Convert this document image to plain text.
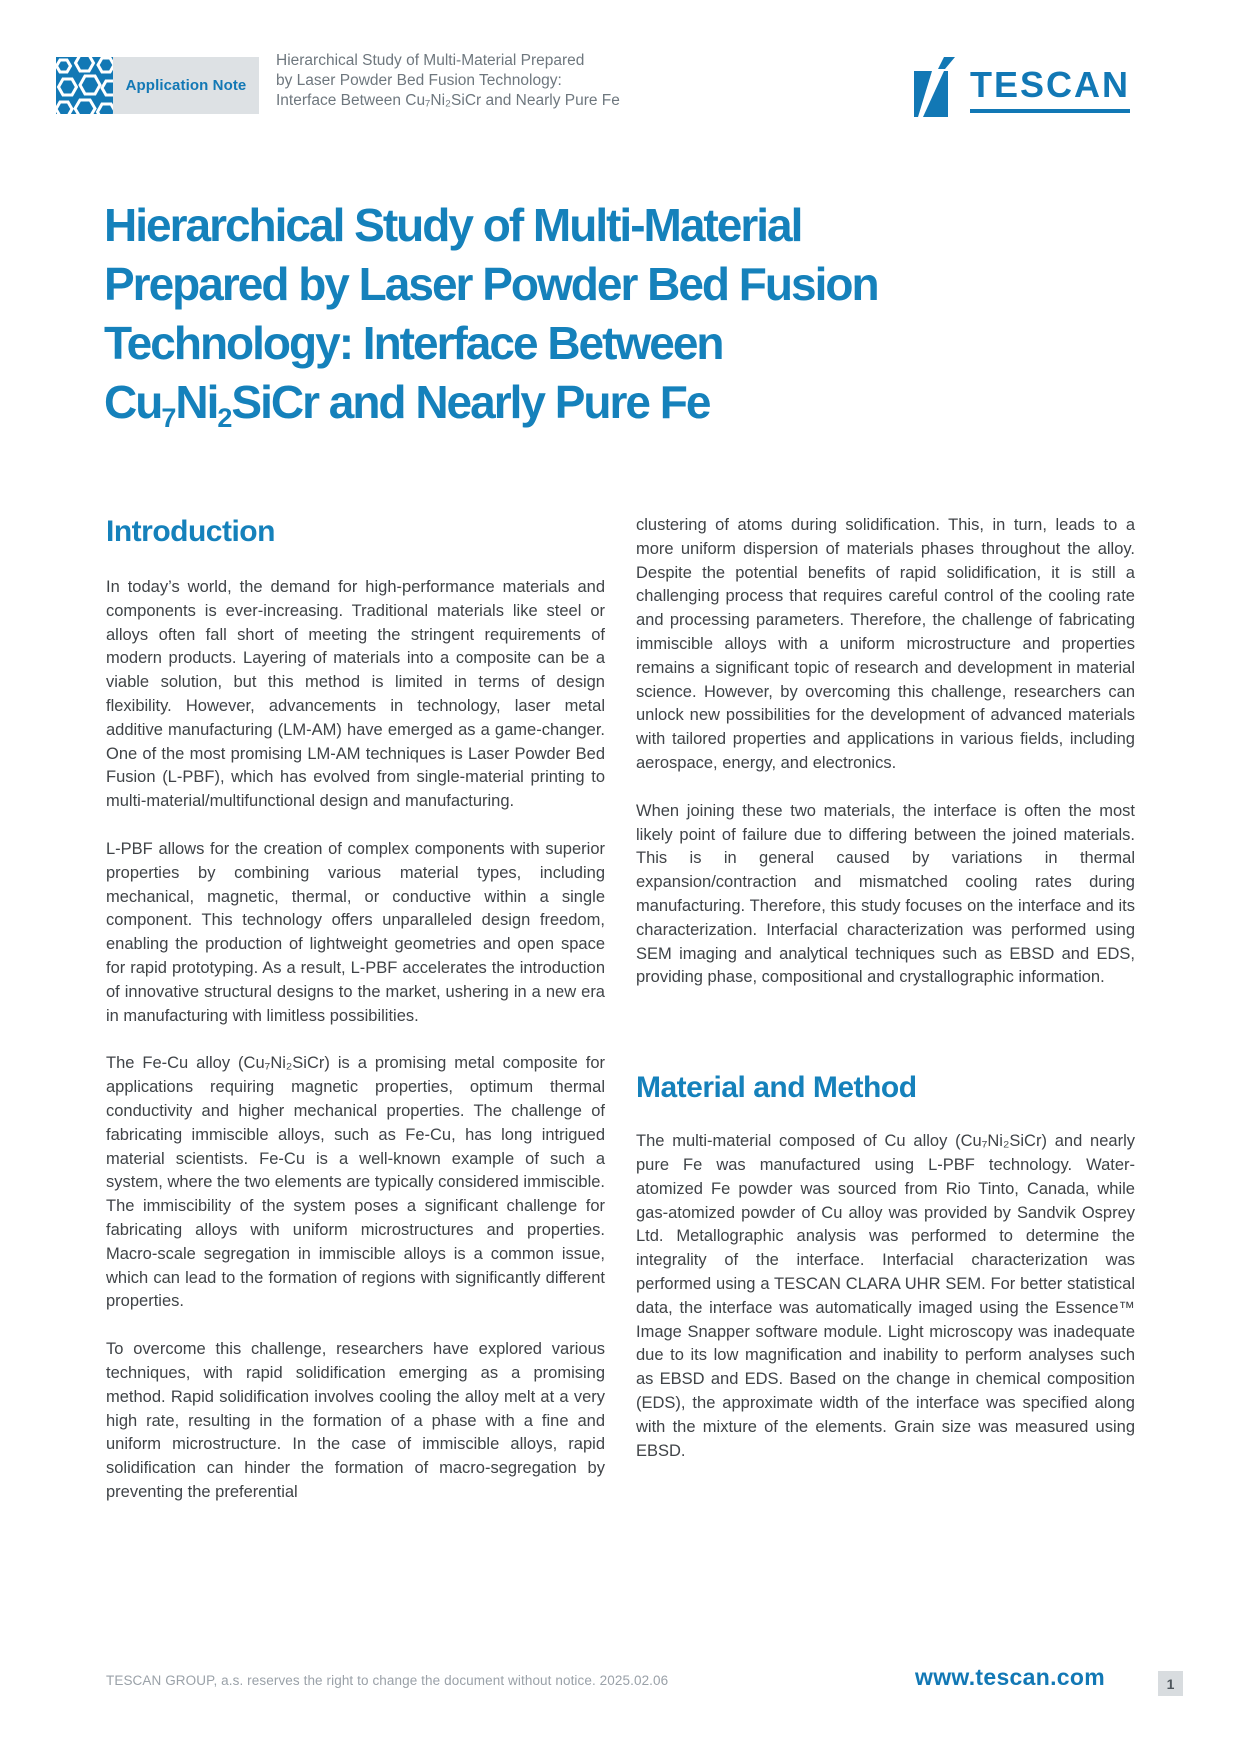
Application Note
Hierarchical Study of Multi-Material Prepared
by Laser Powder Bed Fusion Technology:
Interface Between Cu₇Ni₂SiCr and Nearly Pure Fe	TESCAN
Hierarchical Study of Multi-Material
Prepared by Laser Powder Bed Fusion
Technology: Interface Between
Cu7Ni2SiCr and Nearly Pure Fe
Introduction

In today’s world, the demand for high-performance materials and components is ever-increasing. Traditional materials like steel or alloys often fall short of meeting the stringent requirements of modern products. Layering of materials into a composite can be a viable solution, but this method is limited in terms of design flexibility. However, advancements in technology, laser metal additive manufacturing (LM-AM) have emerged as a game-changer. One of the most promising LM-AM techniques is Laser Powder Bed Fusion (L-PBF), which has evolved from single-material printing to multi-material/multifunctional design and manufacturing.

L-PBF allows for the creation of complex components with superior properties by combining various material types, including mechanical, magnetic, thermal, or conductive within a single component. This technology offers unparalleled design freedom, enabling the production of lightweight geometries and open space for rapid prototyping. As a result, L-PBF accelerates the introduction of innovative structural designs to the market, ushering in a new era in manufacturing with limitless possibilities.

The Fe-Cu alloy (Cu₇Ni₂SiCr) is a promising metal composite for applications requiring magnetic properties, optimum thermal conductivity and higher mechanical properties. The challenge of fabricating immiscible alloys, such as Fe-Cu, has long intrigued material scientists. Fe-Cu is a well-known example of such a system, where the two elements are typically considered immiscible. The immiscibility of the system poses a significant challenge for fabricating alloys with uniform microstructures and properties. Macro-scale segregation in immiscible alloys is a common issue, which can lead to the formation of regions with significantly different properties.

To overcome this challenge, researchers have explored various techniques, with rapid solidification emerging as a promising method. Rapid solidification involves cooling the alloy melt at a very high rate, resulting in the formation of a phase with a fine and uniform microstructure. In the case of immiscible alloys, rapid solidification can hinder the formation of macro-segregation by preventing the preferential

clustering of atoms during solidification. This, in turn, leads to a more uniform dispersion of materials phases throughout the alloy. Despite the potential benefits of rapid solidification, it is still a challenging process that requires careful control of the cooling rate and processing parameters. Therefore, the challenge of fabricating immiscible alloys with a uniform microstructure and properties remains a significant topic of research and development in material science. However, by overcoming this challenge, researchers can unlock new possibilities for the development of advanced materials with tailored properties and applications in various fields, including aerospace, energy, and electronics.

When joining these two materials, the interface is often the most likely point of failure due to differing between the joined materials. This is in general caused by variations in thermal expansion/contraction and mismatched cooling rates during manufacturing. Therefore, this study focuses on the interface and its characterization. Interfacial characterization was performed using SEM imaging and analytical techniques such as EBSD and EDS, providing phase, compositional and crystallographic information.

Material and Method

The multi-material composed of Cu alloy (Cu₇Ni₂SiCr) and nearly pure Fe was manufactured using L-PBF technology. Water-atomized Fe powder was sourced from Rio Tinto, Canada, while gas-atomized powder of Cu alloy was provided by Sandvik Osprey Ltd. Metallographic analysis was performed to determine the integrality of the interface. Interfacial characterization was performed using a TESCAN CLARA UHR SEM. For better statistical data, the interface was automatically imaged using the Essence™ Image Snapper software module. Light microscopy was inadequate due to its low magnification and inability to perform analyses such as EBSD and EDS. Based on the change in chemical composition (EDS), the approximate width of the interface was specified along with the mixture of the elements. Grain size was measured using EBSD.

TESCAN GROUP, a.s. reserves the right to change the document without notice. 2025.02.06	www.tescan.com	1
